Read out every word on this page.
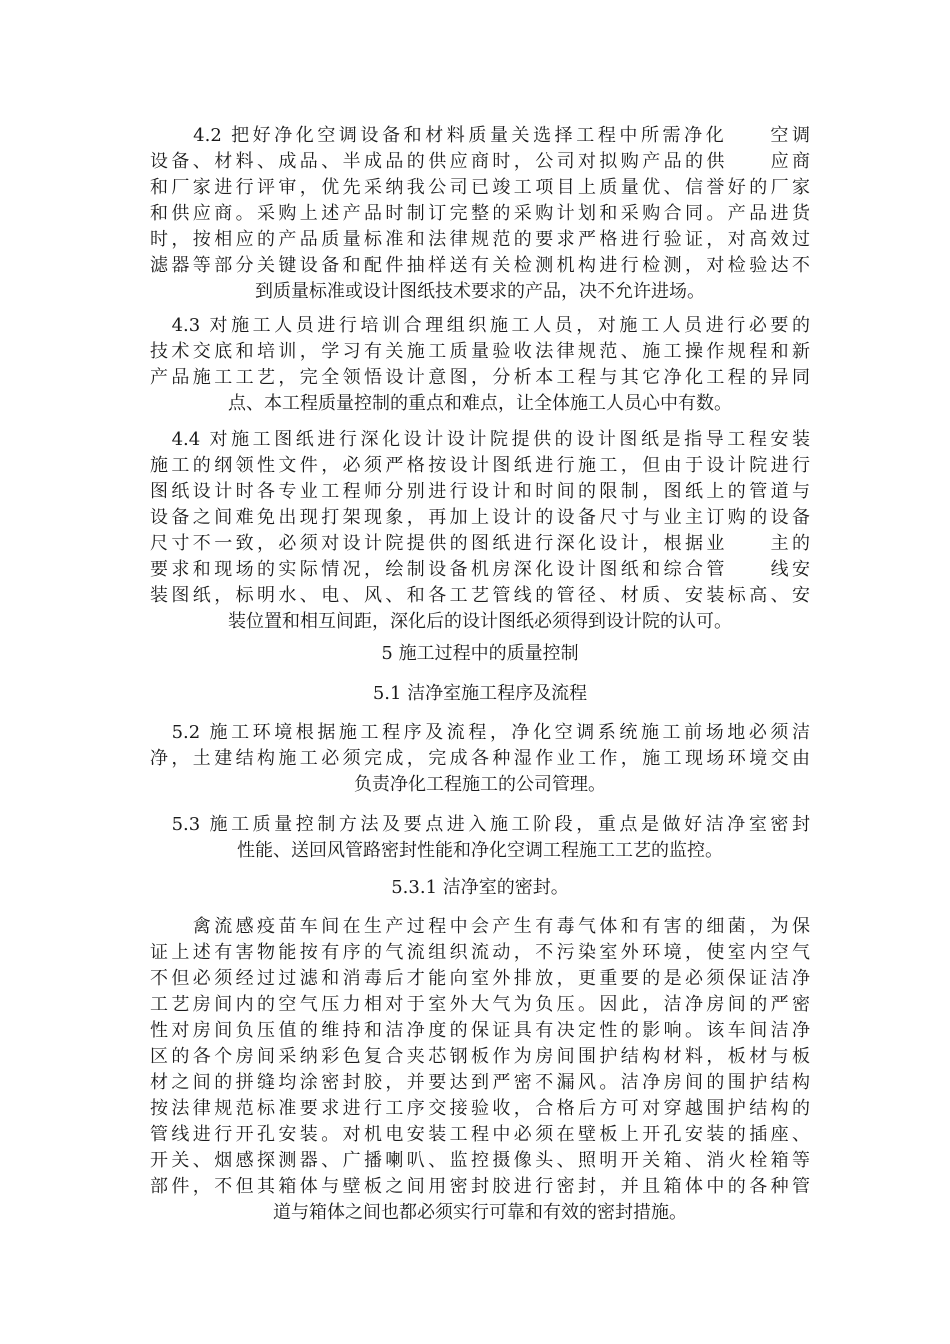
　　4.2 把好净化空调设备和材料质量关选择工程中所需净化　　空调
设备、材料、成品、半成品的供应商时，公司对拟购产品的供　　应商
和厂家进行评审，优先采纳我公司已竣工项目上质量优、信誉好的厂家
和供应商。采购上述产品时制订完整的采购计划和采购合同。产品进货
时，按相应的产品质量标准和法律规范的要求严格进行验证，对高效过
滤器等部分关键设备和配件抽样送有关检测机构进行检测，对检验达不
到质量标准或设计图纸技术要求的产品，决不允许进场。
　4.3 对施工人员进行培训合理组织施工人员，对施工人员进行必要的
技术交底和培训，学习有关施工质量验收法律规范、施工操作规程和新
产品施工工艺，完全领悟设计意图，分析本工程与其它净化工程的异同
点、本工程质量控制的重点和难点，让全体施工人员心中有数。
　4.4 对施工图纸进行深化设计设计院提供的设计图纸是指导工程安装
施工的纲领性文件，必须严格按设计图纸进行施工，但由于设计院进行
图纸设计时各专业工程师分别进行设计和时间的限制，图纸上的管道与
设备之间难免出现打架现象，再加上设计的设备尺寸与业主订购的设备
尺寸不一致，必须对设计院提供的图纸进行深化设计，根据业　　主的
要求和现场的实际情况，绘制设备机房深化设计图纸和综合管　　线安
装图纸，标明水、电、风、和各工艺管线的管径、材质、安装标高、安
装位置和相互间距，深化后的设计图纸必须得到设计院的认可。
5 施工过程中的质量控制
5.1 洁净室施工程序及流程
　5.2 施工环境根据施工程序及流程，净化空调系统施工前场地必须洁
净，土建结构施工必须完成，完成各种湿作业工作，施工现场环境交由
负责净化工程施工的公司管理。
　5.3 施工质量控制方法及要点进入施工阶段，重点是做好洁净室密封
性能、送回风管路密封性能和净化空调工程施工工艺的监控。
5.3.1 洁净室的密封。
　　禽流感疫苗车间在生产过程中会产生有毒气体和有害的细菌，为保
证上述有害物能按有序的气流组织流动，不污染室外环境，使室内空气
不但必须经过过滤和消毒后才能向室外排放，更重要的是必须保证洁净
工艺房间内的空气压力相对于室外大气为负压。因此，洁净房间的严密
性对房间负压值的维持和洁净度的保证具有决定性的影响。该车间洁净
区的各个房间采纳彩色复合夹芯钢板作为房间围护结构材料，板材与板
材之间的拼缝均涂密封胶，并要达到严密不漏风。洁净房间的围护结构
按法律规范标准要求进行工序交接验收，合格后方可对穿越围护结构的
管线进行开孔安装。对机电安装工程中必须在壁板上开孔安装的插座、
开关、烟感探测器、广播喇叭、监控摄像头、照明开关箱、消火栓箱等
部件，不但其箱体与壁板之间用密封胶进行密封，并且箱体中的各种管
道与箱体之间也都必须实行可靠和有效的密封措施。
